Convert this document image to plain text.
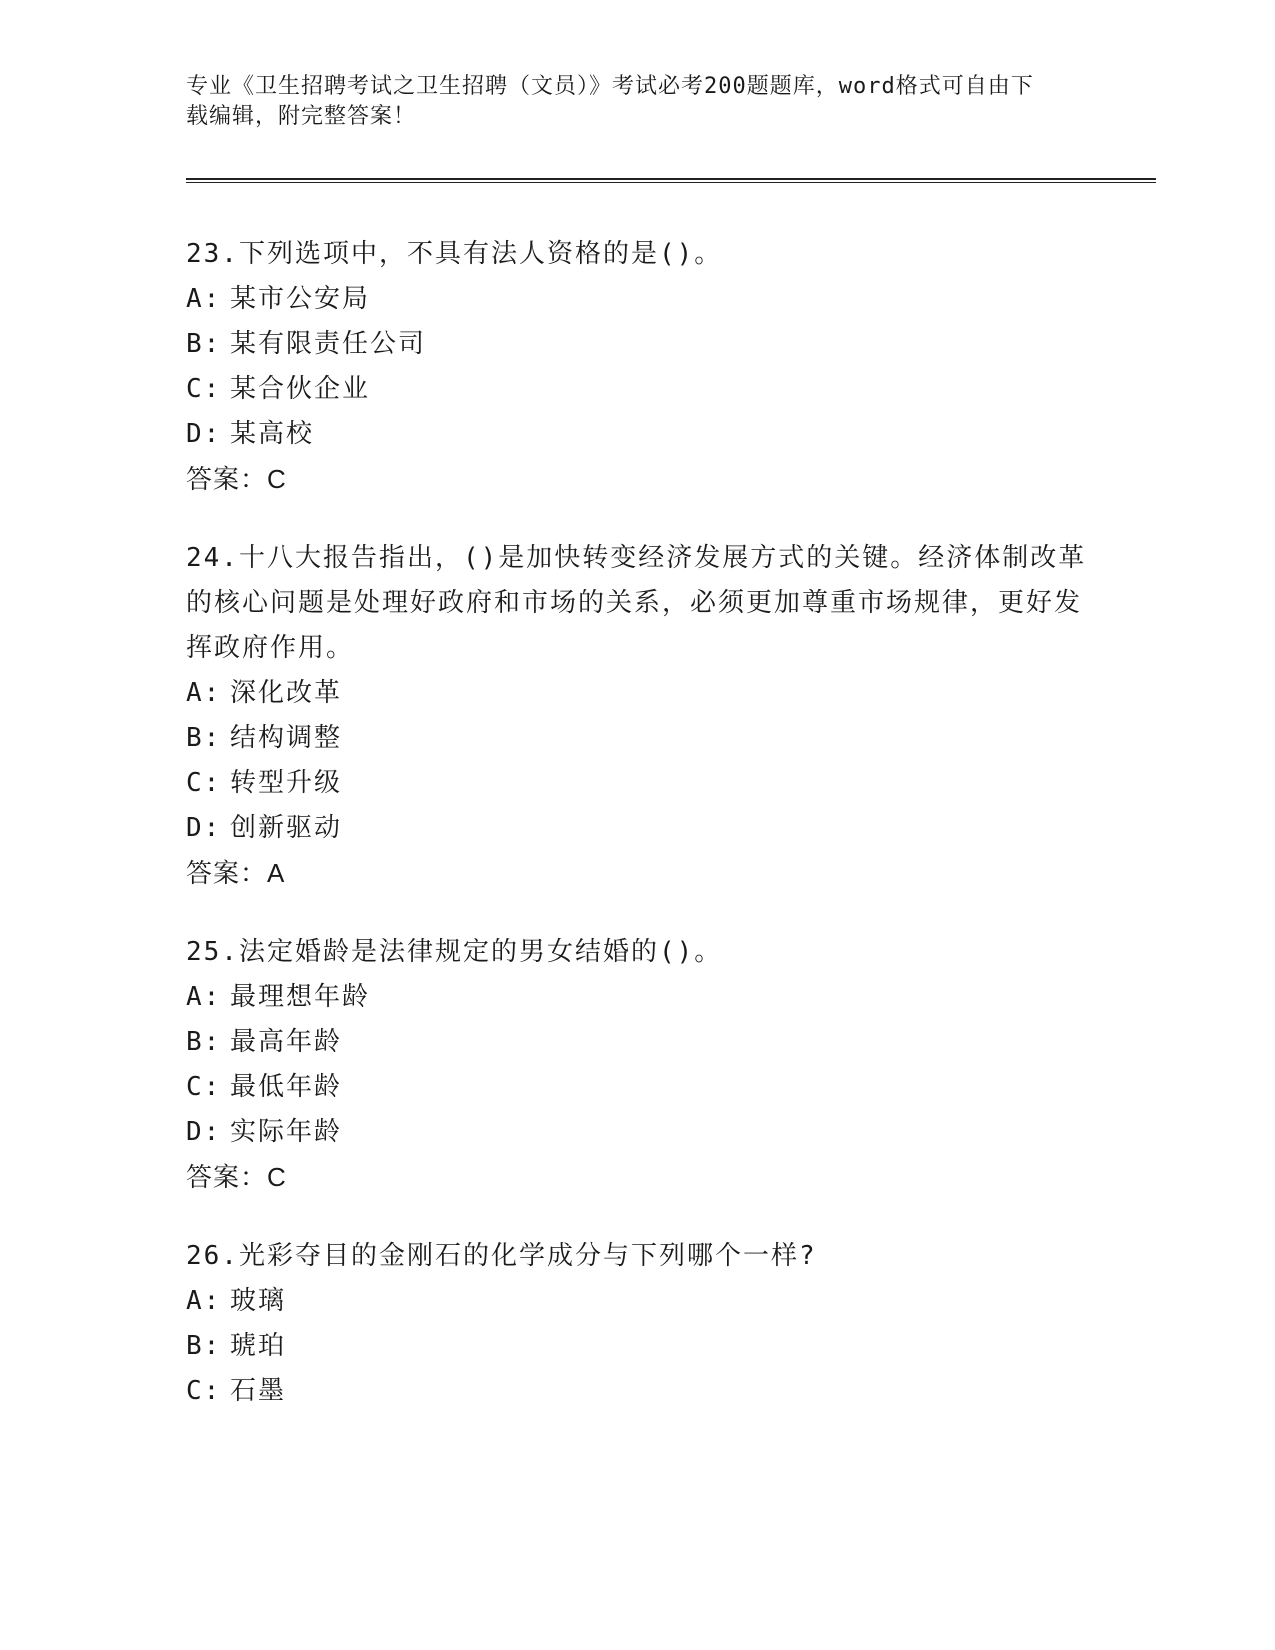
专业《卫生招聘考试之卫生招聘（文员）》考试必考200题题库，word格式可自由下载编辑，附完整答案！

23.下列选项中，不具有法人资格的是()。

A: 某市公安局
B: 某有限责任公司
C: 某合伙企业
D: 某高校

答案：C

24.十八大报告指出，()是加快转变经济发展方式的关键。经济体制改革的核心问题是处理好政府和市场的关系，必须更加尊重市场规律，更好发挥政府作用。

A: 深化改革
B: 结构调整
C: 转型升级
D: 创新驱动

答案：A

25.法定婚龄是法律规定的男女结婚的()。

A: 最理想年龄
B: 最高年龄
C: 最低年龄
D: 实际年龄

答案：C

26.光彩夺目的金刚石的化学成分与下列哪个一样?

A: 玻璃
B: 琥珀
C: 石墨
